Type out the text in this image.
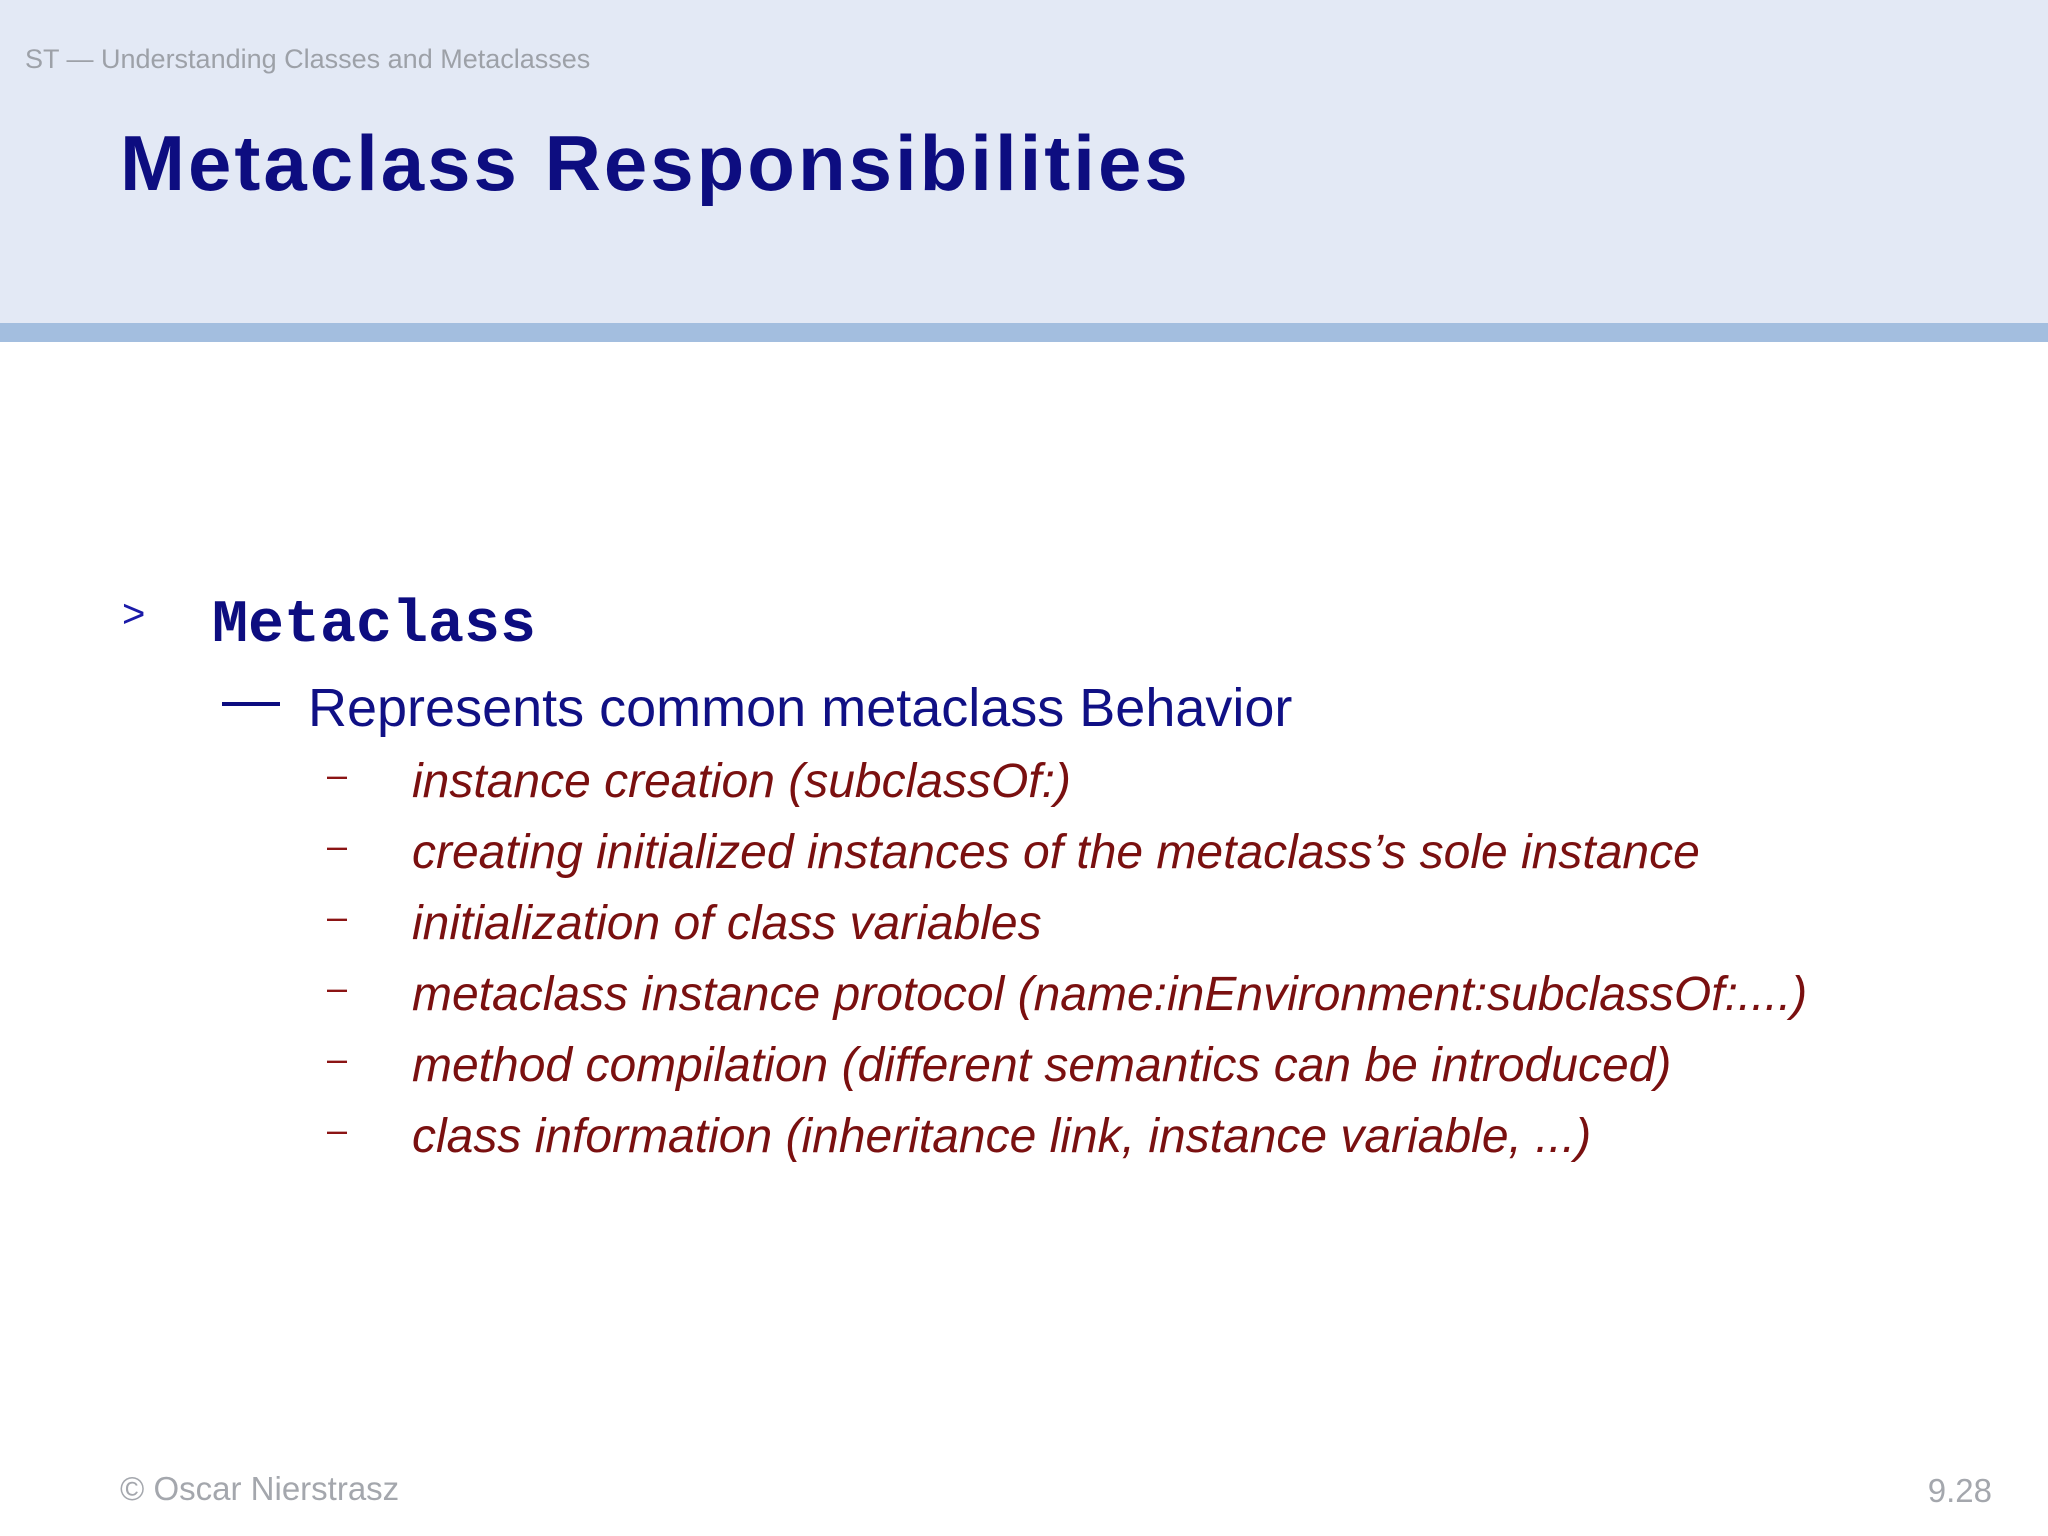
ST — Understanding Classes and Metaclasses
Metaclass Responsibilities
> Metaclass
Represents common metaclass Behavior
– instance creation (subclassOf:)
– creating initialized instances of the metaclass’s sole instance
– initialization of class variables
– metaclass instance protocol (name:inEnvironment:subclassOf:....)
– method compilation (different semantics can be introduced)
– class information (inheritance link, instance variable, ...)
© Oscar Nierstrasz	9.28
